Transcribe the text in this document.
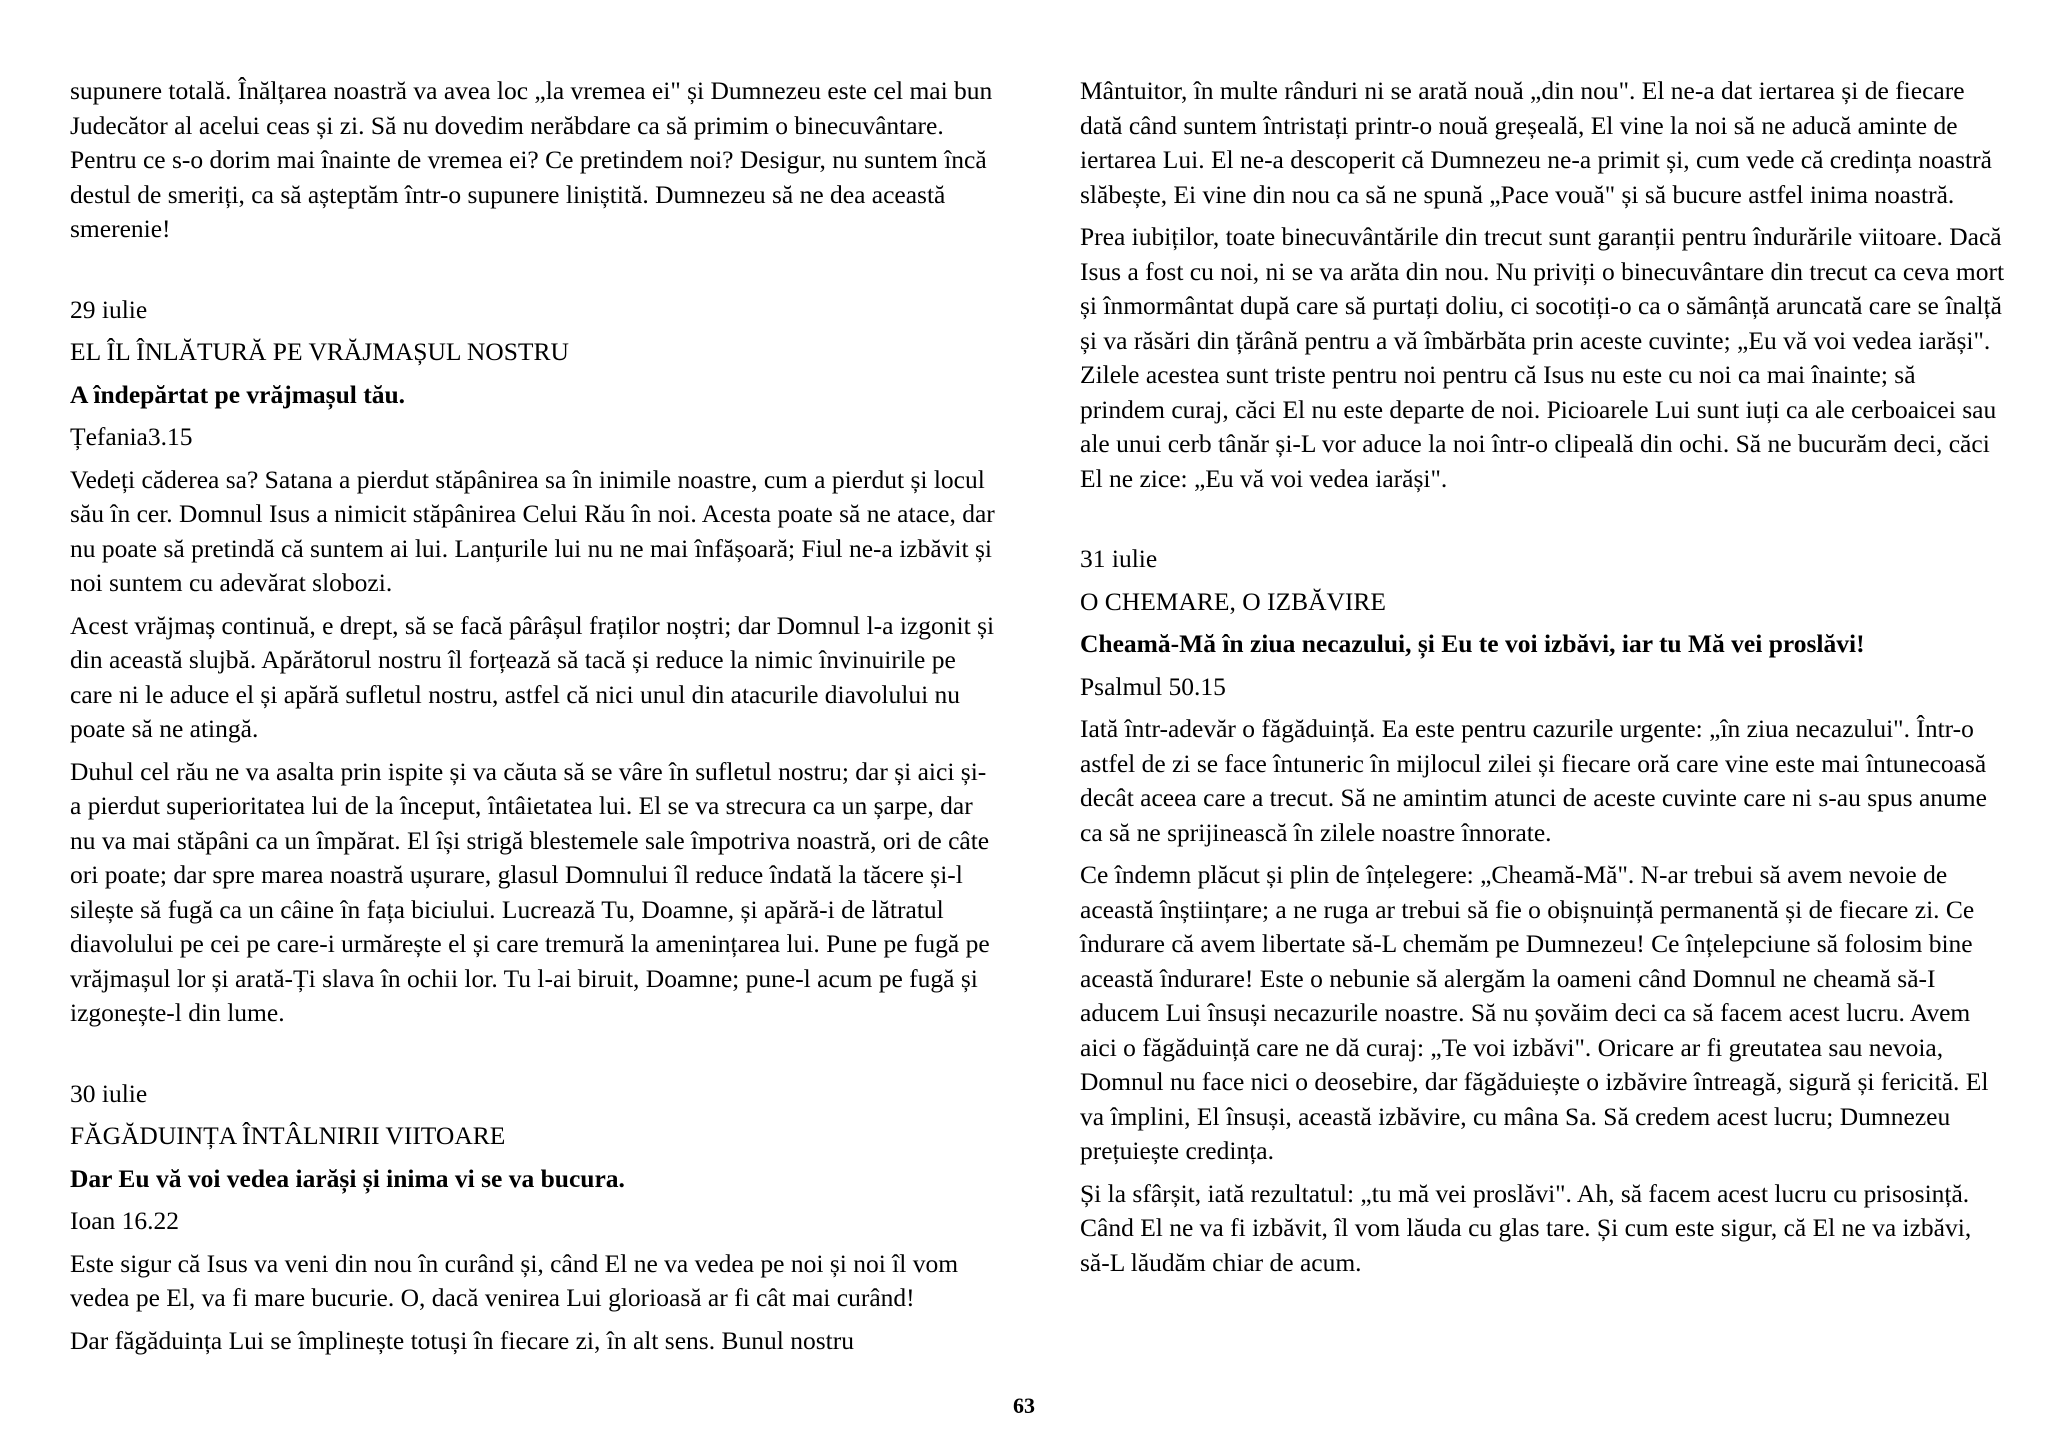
supunere totală. Înălțarea noastră va avea loc „la vremea ei" și Dumnezeu este cel mai bun Judecător al acelui ceas și zi. Să nu dovedim nerăbdare ca să primim o binecuvântare. Pentru ce s-o dorim mai înainte de vremea ei? Ce pretindem noi? Desigur, nu suntem încă destul de smeriți, ca să așteptăm într-o supunere liniștită. Dumnezeu să ne dea această smerenie!

29 iulie

EL ÎL ÎNLĂTURĂ PE VRĂJMAȘUL NOSTRU

A îndepărtat pe vrăjmașul tău.

Țefania3.15

Vedeți căderea sa? Satana a pierdut stăpânirea sa în inimile noastre, cum a pierdut și locul său în cer. Domnul Isus a nimicit stăpânirea Celui Rău în noi. Acesta poate să ne atace, dar nu poate să pretindă că suntem ai lui. Lanțurile lui nu ne mai înfășoară; Fiul ne-a izbăvit și noi suntem cu adevărat slobozi.

Acest vrăjmaș continuă, e drept, să se facă pârâșul fraților noștri; dar Domnul l-a izgonit și din această slujbă. Apărătorul nostru îl forțează să tacă și reduce la nimic învinuirile pe care ni le aduce el și apără sufletul nostru, astfel că nici unul din atacurile diavolului nu poate să ne atingă.

Duhul cel rău ne va asalta prin ispite și va căuta să se vâre în sufletul nostru; dar și aici și-a pierdut superioritatea lui de la început, întâietatea lui. El se va strecura ca un șarpe, dar nu va mai stăpâni ca un împărat. El își strigă blestemele sale împotriva noastră, ori de câte ori poate; dar spre marea noastră ușurare, glasul Domnului îl reduce îndată la tăcere și-l silește să fugă ca un câine în fața biciului. Lucrează Tu, Doamne, și apără-i de lătratul diavolului pe cei pe care-i urmărește el și care tremură la amenințarea lui. Pune pe fugă pe vrăjmașul lor și arată-Ți slava în ochii lor. Tu l-ai biruit, Doamne; pune-l acum pe fugă și izgonește-l din lume.

30 iulie

FĂGĂDUINȚA ÎNTÂLNIRII VIITOARE

Dar Eu vă voi vedea iarăși și inima vi se va bucura.

Ioan 16.22

Este sigur că Isus va veni din nou în curând și, când El ne va vedea pe noi și noi îl vom vedea pe El, va fi mare bucurie. O, dacă venirea Lui glorioasă ar fi cât mai curând!

Dar făgăduința Lui se împlinește totuși în fiecare zi, în alt sens. Bunul nostru

Mântuitor, în multe rânduri ni se arată nouă „din nou". El ne-a dat iertarea și de fiecare dată când suntem întristați printr-o nouă greșeală, El vine la noi să ne aducă aminte de iertarea Lui. El ne-a descoperit că Dumnezeu ne-a primit și, cum vede că credința noastră slăbește, Ei vine din nou ca să ne spună „Pace vouă" și să bucure astfel inima noastră.

Prea iubiților, toate binecuvântările din trecut sunt garanții pentru îndurările viitoare. Dacă Isus a fost cu noi, ni se va arăta din nou. Nu priviți o binecuvântare din trecut ca ceva mort și înmormântat după care să purtați doliu, ci socotiți-o ca o sămânță aruncată care se înalță și va răsări din țărână pentru a vă îmbărbăta prin aceste cuvinte; „Eu vă voi vedea iarăși". Zilele acestea sunt triste pentru noi pentru că Isus nu este cu noi ca mai înainte; să prindem curaj, căci El nu este departe de noi. Picioarele Lui sunt iuți ca ale cerboaicei sau ale unui cerb tânăr și-L vor aduce la noi într-o clipeală din ochi. Să ne bucurăm deci, căci El ne zice: „Eu vă voi vedea iarăși".

31 iulie

O CHEMARE, O IZBĂVIRE

Cheamă-Mă în ziua necazului, și Eu te voi izbăvi, iar tu Mă vei proslăvi!

Psalmul 50.15

Iată într-adevăr o făgăduință. Ea este pentru cazurile urgente: „în ziua necazului". Într-o astfel de zi se face întuneric în mijlocul zilei și fiecare oră care vine este mai întunecoasă decât aceea care a trecut. Să ne amintim atunci de aceste cuvinte care ni s-au spus anume ca să ne sprijinească în zilele noastre înnorate.

Ce îndemn plăcut și plin de înțelegere: „Cheamă-Mă". N-ar trebui să avem nevoie de această înștiințare; a ne ruga ar trebui să fie o obișnuință permanentă și de fiecare zi. Ce îndurare că avem libertate să-L chemăm pe Dumnezeu! Ce înțelepciune să folosim bine această îndurare! Este o nebunie să alergăm la oameni când Domnul ne cheamă să-I aducem Lui însuși necazurile noastre. Să nu șovăim deci ca să facem acest lucru. Avem aici o făgăduință care ne dă curaj: „Te voi izbăvi". Oricare ar fi greutatea sau nevoia, Domnul nu face nici o deosebire, dar făgăduiește o izbăvire întreagă, sigură și fericită. El va împlini, El însuși, această izbăvire, cu mâna Sa. Să credem acest lucru; Dumnezeu prețuiește credința.

Și la sfârșit, iată rezultatul: „tu mă vei proslăvi". Ah, să facem acest lucru cu prisosință. Când El ne va fi izbăvit, îl vom lăuda cu glas tare. Și cum este sigur, că El ne va izbăvi, să-L lăudăm chiar de acum.

63
